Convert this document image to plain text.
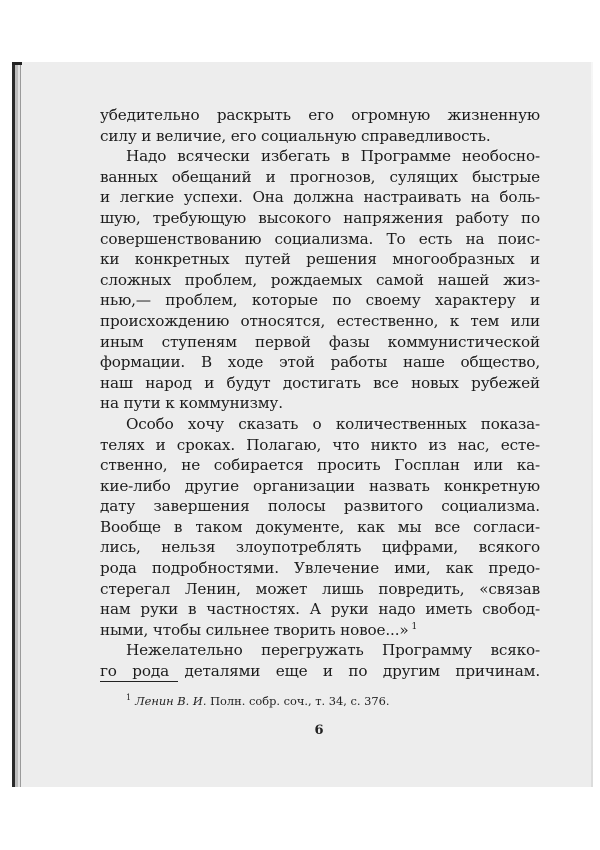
убедительно раскрыть его огромную жизненную
силу и величие, его социальную справедливость.
Надо всячески избегать в Программе необосно-
ванных обещаний и прогнозов, сулящих быстрые
и легкие успехи. Она должна настраивать на боль-
шую, требующую высокого напряжения работу по
совершенствованию социализма. То есть на поис-
ки конкретных путей решения многообразных и
сложных проблем, рождаемых самой нашей жиз-
нью,— проблем, которые по своему характеру и
происхождению относятся, естественно, к тем или
иным ступеням первой фазы коммунистической
формации. В ходе этой работы наше общество,
наш народ и будут достигать все новых рубежей
на пути к коммунизму.
Особо хочу сказать о количественных показа-
телях и сроках. Полагаю, что никто из нас, есте-
ственно, не собирается просить Госплан или ка-
кие-либо другие организации назвать конкретную
дату завершения полосы развитого социализма.
Вообще в таком документе, как мы все согласи-
лись, нельзя злоупотреблять цифрами, всякого
рода подробностями. Увлечение ими, как предо-
стерегал Ленин, может лишь повредить, «связав
нам руки в частностях. А руки надо иметь свобод-
ными, чтобы сильнее творить новое...» $^1$
Нежелательно перегружать Программу всяко-
го рода деталями еще и по другим причинам.
$^1$ Ленин В. И. Полн. собр. соч., т. 34, с. 376.
6
